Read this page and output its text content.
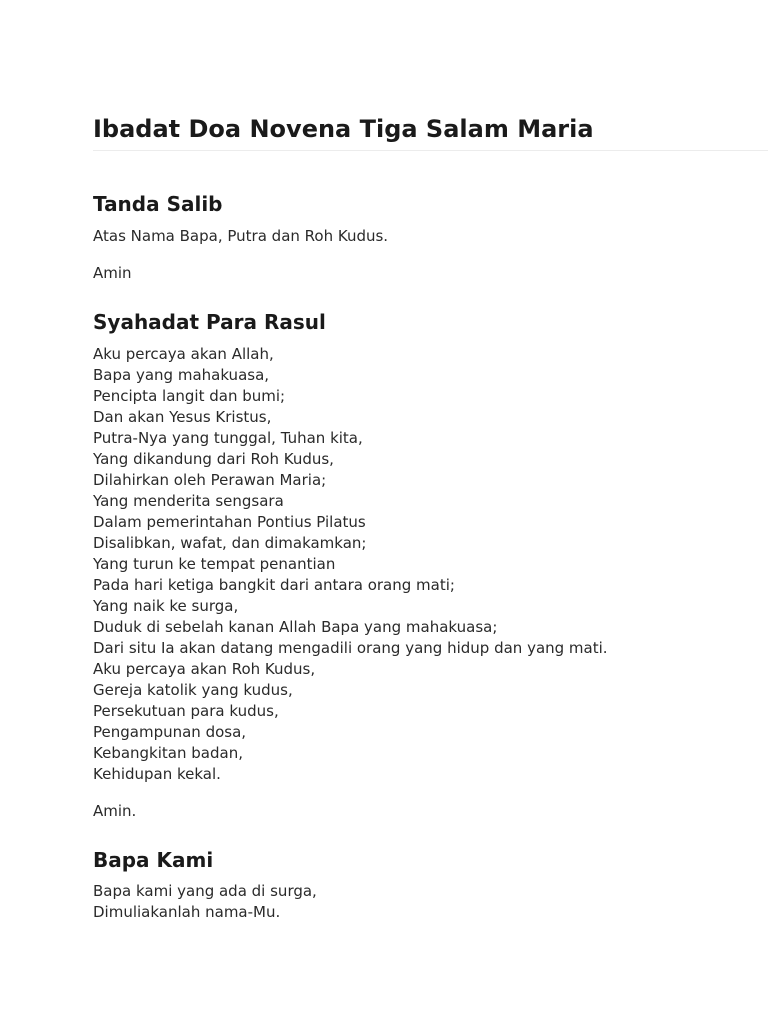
Ibadat Doa Novena Tiga Salam Maria
Tanda Salib

Atas Nama Bapa, Putra dan Roh Kudus.

Amin

Syahadat Para Rasul

Aku percaya akan Allah,
Bapa yang mahakuasa,
Pencipta langit dan bumi;
Dan akan Yesus Kristus,
Putra-Nya yang tunggal, Tuhan kita,
Yang dikandung dari Roh Kudus,
Dilahirkan oleh Perawan Maria;
Yang menderita sengsara
Dalam pemerintahan Pontius Pilatus
Disalibkan, wafat, dan dimakamkan;
Yang turun ke tempat penantian
Pada hari ketiga bangkit dari antara orang mati;
Yang naik ke surga,
Duduk di sebelah kanan Allah Bapa yang mahakuasa;
Dari situ Ia akan datang mengadili orang yang hidup dan yang mati.
Aku percaya akan Roh Kudus,
Gereja katolik yang kudus,
Persekutuan para kudus,
Pengampunan dosa,
Kebangkitan badan,
Kehidupan kekal.

Amin.

Bapa Kami

Bapa kami yang ada di surga,
Dimuliakanlah nama-Mu.
